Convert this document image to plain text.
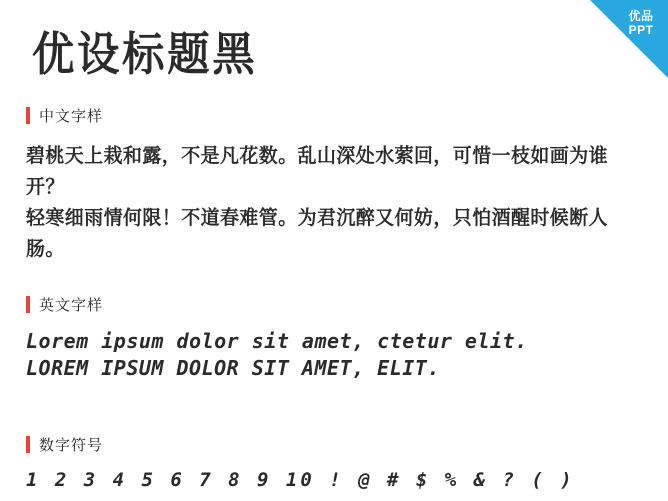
优品
PPT
优设标题黑
中文字样
碧桃天上栽和露，不是凡花数。乱山深处水萦回，可惜一枝如画为谁开？
轻寒细雨情何限！不道春难管。为君沉醉又何妨，只怕酒醒时候断人肠。
英文字样
Lorem ipsum dolor sit amet, ctetur elit.
LOREM IPSUM DOLOR SIT AMET, ELIT.
数字符号
1 2 3 4 5 6 7 8 9 10 ! @ # $ % & ? ( )
